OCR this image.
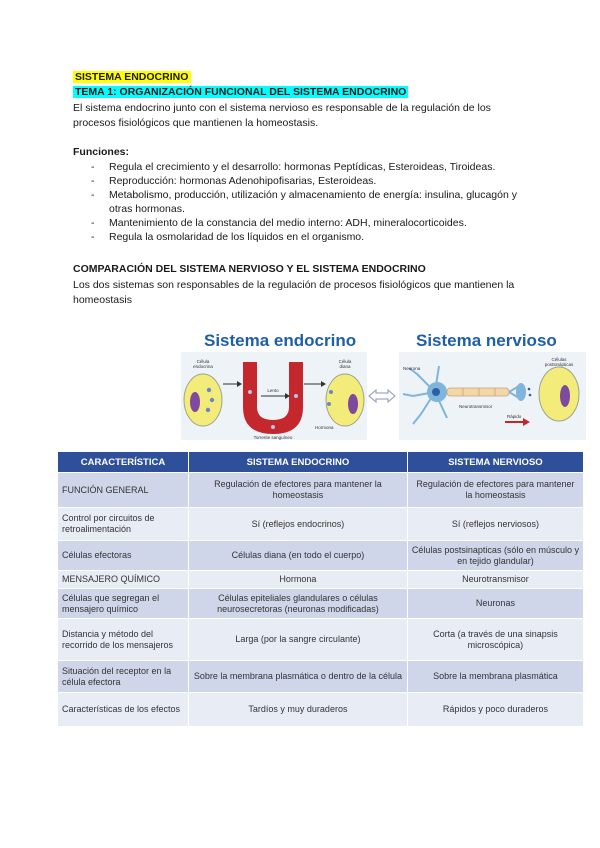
SISTEMA ENDOCRINO
TEMA 1: ORGANIZACIÓN FUNCIONAL DEL SISTEMA ENDOCRINO
El sistema endocrino junto con el sistema nervioso es responsable de la regulación de los procesos fisiológicos que mantienen la homeostasis.
Funciones:
- Regula el crecimiento y el desarrollo: hormonas Peptídicas, Esteroideas, Tiroideas.
- Reproducción: hormonas Adenohipofisarias, Esteroideas.
- Metabolismo, producción, utilización y almacenamiento de energía: insulina, glucagón y otras hormonas.
- Mantenimiento de la constancia del medio interno: ADH, mineralocorticoides.
- Regula la osmolaridad de los líquidos en el organismo.
COMPARACIÓN DEL SISTEMA NERVIOSO Y EL SISTEMA ENDOCRINO
Los dos sistemas son responsables de la regulación de procesos fisiológicos que mantienen la homeostasis
Sistema endocrino
Célula
endocrina
Célula
diana
Lento
Hormona
Torrente sanguíneo
Sistema nervioso
Neurona
Células
postsinápticas
Neurotransmisor
Rápido
CARACTERÍSTICA	SISTEMA ENDOCRINO	SISTEMA NERVIOSO
FUNCIÓN GENERAL	Regulación de efectores para mantener la homeostasis	Regulación de efectores para mantener la homeostasis
Control por circuitos de retroalimentación	Sí (reflejos endocrinos)	Sí (reflejos nerviosos)
Células efectoras	Células diana (en todo el cuerpo)	Células postsinapticas (sólo en músculo y en tejido glandular)
MENSAJERO QUÍMICO	Hormona	Neurotransmisor
Células que segregan el mensajero químico	Células epiteliales glandulares o células neurosecretoras (neuronas modificadas)	Neuronas
Distancia y método del recorrido de los mensajeros	Larga (por la sangre circulante)	Corta (a través de una sinapsis microscópica)
Situación del receptor en la célula efectora	Sobre la membrana plasmática o dentro de la célula	Sobre la membrana plasmática
Características de los efectos	Tardíos y muy duraderos	Rápidos y poco duraderos
